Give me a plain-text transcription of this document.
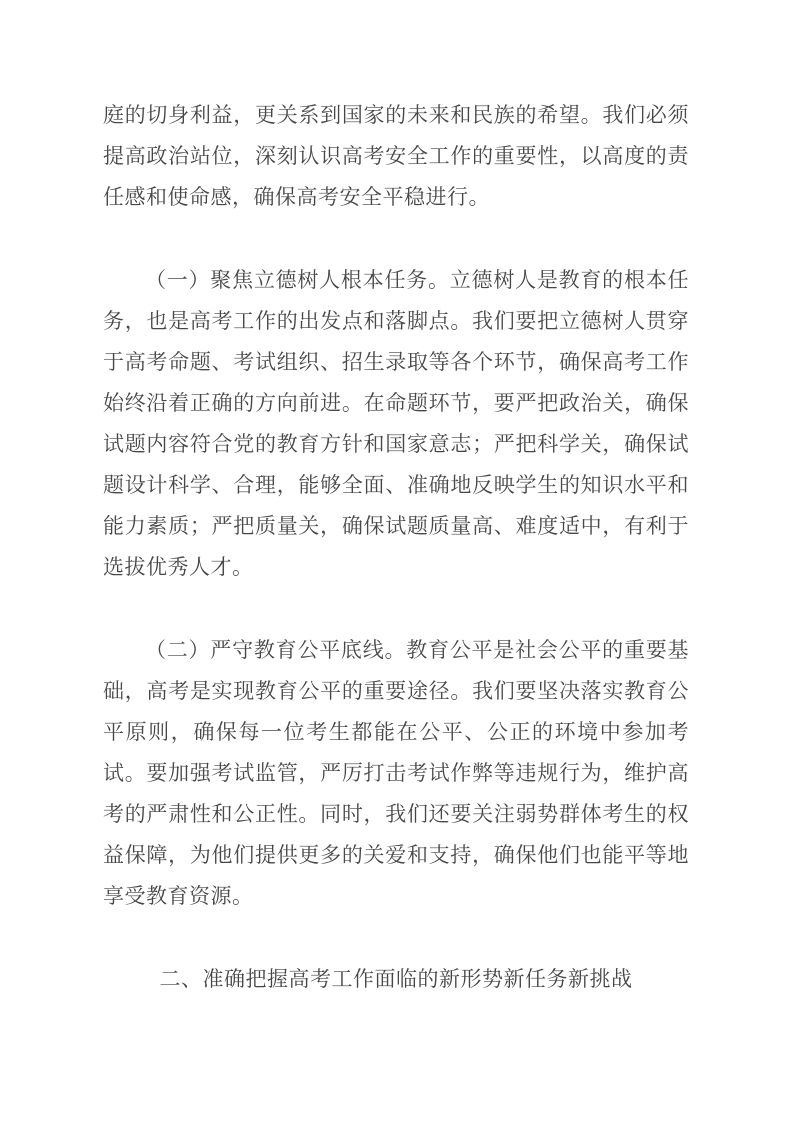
庭的切身利益，更关系到国家的未来和民族的希望。我们必须提高政治站位，深刻认识高考安全工作的重要性，以高度的责任感和使命感，确保高考安全平稳进行。

（一）聚焦立德树人根本任务。立德树人是教育的根本任务，也是高考工作的出发点和落脚点。我们要把立德树人贯穿于高考命题、考试组织、招生录取等各个环节，确保高考工作始终沿着正确的方向前进。在命题环节，要严把政治关，确保试题内容符合党的教育方针和国家意志；严把科学关，确保试题设计科学、合理，能够全面、准确地反映学生的知识水平和能力素质；严把质量关，确保试题质量高、难度适中，有利于选拔优秀人才。

（二）严守教育公平底线。教育公平是社会公平的重要基础，高考是实现教育公平的重要途径。我们要坚决落实教育公平原则，确保每一位考生都能在公平、公正的环境中参加考试。要加强考试监管，严厉打击考试作弊等违规行为，维护高考的严肃性和公正性。同时，我们还要关注弱势群体考生的权益保障，为他们提供更多的关爱和支持，确保他们也能平等地享受教育资源。

二、准确把握高考工作面临的新形势新任务新挑战
